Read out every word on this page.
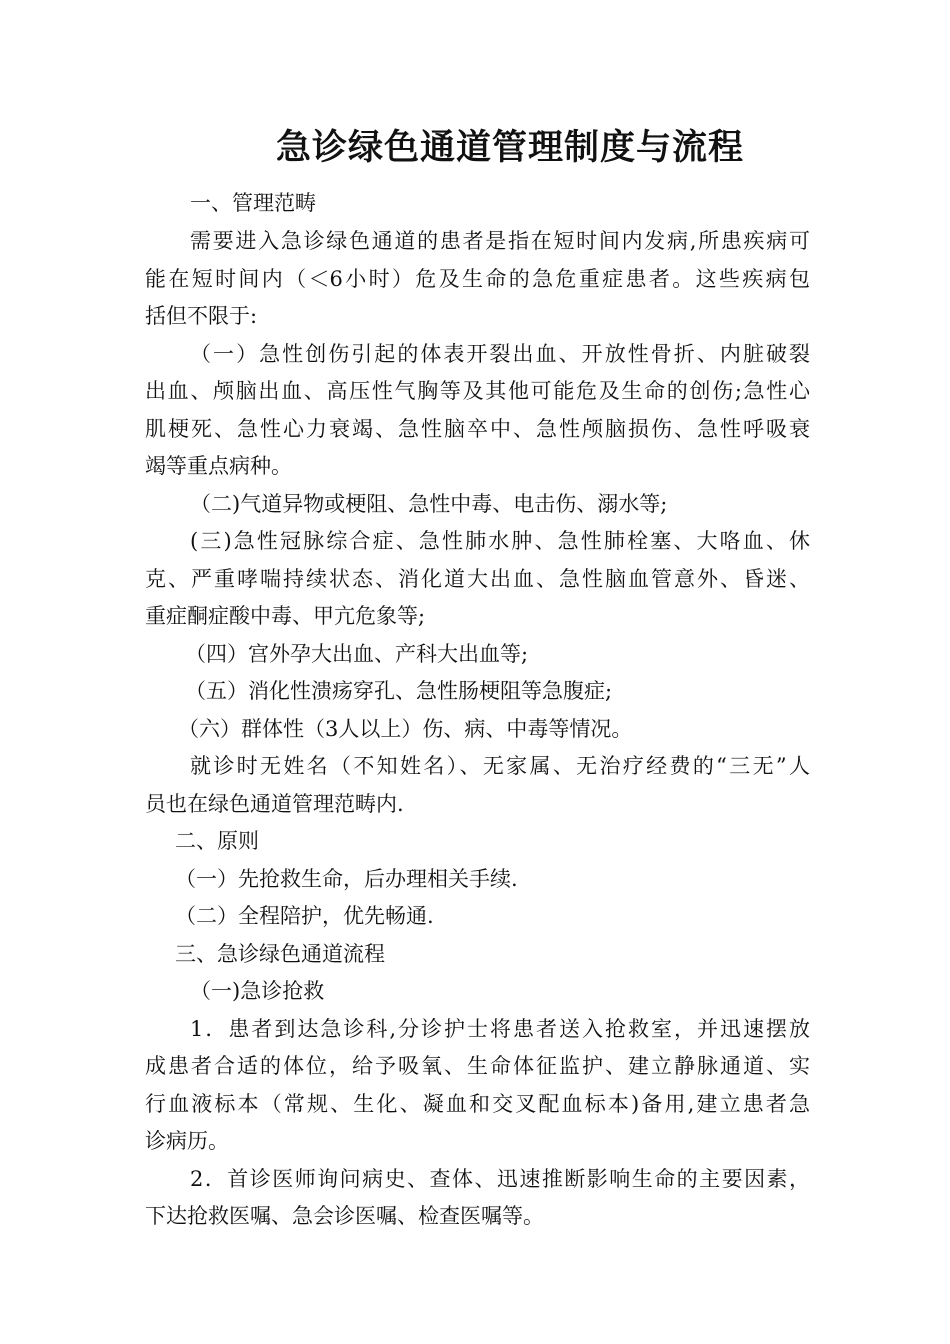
急诊绿色通道管理制度与流程
一、管理范畴
需要进入急诊绿色通道的患者是指在短时间内发病,所患疾病可
能在短时间内（＜6小时）危及生命的急危重症患者。这些疾病包
括但不限于:
（一）急性创伤引起的体表开裂出血、开放性骨折、内脏破裂
出血、颅脑出血、高压性气胸等及其他可能危及生命的创伤;急性心
肌梗死、急性心力衰竭、急性脑卒中、急性颅脑损伤、急性呼吸衰
竭等重点病种。
（二)气道异物或梗阻、急性中毒、电击伤、溺水等;
(三)急性冠脉综合症、急性肺水肿、急性肺栓塞、大咯血、休
克、严重哮喘持续状态、消化道大出血、急性脑血管意外、昏迷、
重症酮症酸中毒、甲亢危象等;
（四）宫外孕大出血、产科大出血等;
（五）消化性溃疡穿孔、急性肠梗阻等急腹症;
（六）群体性（3人以上）伤、病、中毒等情况。
就诊时无姓名（不知姓名）、无家属、无治疗经费的“三无”人
员也在绿色通道管理范畴内.
二、原则
（一）先抢救生命，后办理相关手续.
（二）全程陪护，优先畅通.
三、急诊绿色通道流程
（一)急诊抢救
1．患者到达急诊科,分诊护士将患者送入抢救室，并迅速摆放
成患者合适的体位，给予吸氧、生命体征监护、建立静脉通道、实
行血液标本（常规、生化、凝血和交叉配血标本)备用,建立患者急
诊病历。
2．首诊医师询问病史、查体、迅速推断影响生命的主要因素，
下达抢救医嘱、急会诊医嘱、检查医嘱等。
